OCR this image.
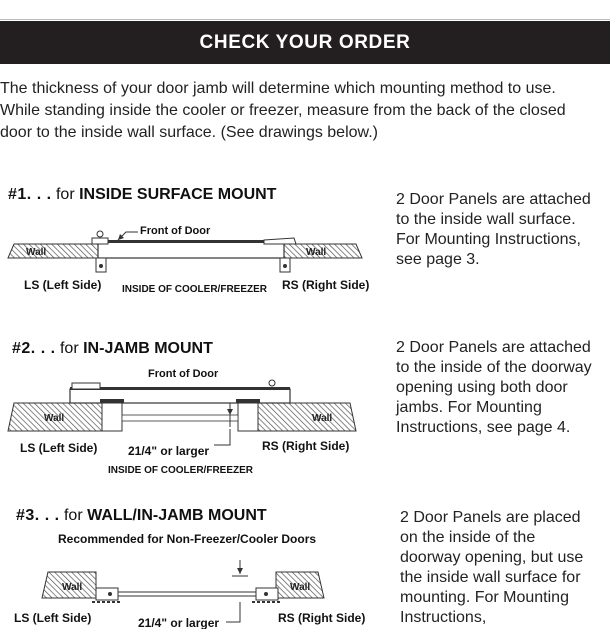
CHECK YOUR ORDER

The thickness of your door jamb will determine which mounting method to use. While standing inside the cooler or freezer, measure from the back of the closed door to the inside wall surface. (See drawings below.)

#1. . . for INSIDE SURFACE MOUNT	2 Door Panels are attached to the inside wall surface. For Mounting Instructions, see page 3.

Wall	Wall
Front of Door
LS (Left Side) INSIDE OF COOLER/FREEZER RS (Right Side)
#2. . . for IN-JAMB MOUNT	2 Door Panels are attached to the inside of the doorway opening using both door jambs. For Mounting Instructions, see page 4.

Wall	Wall
Front of Door
LS (Left Side)	21/4" or larger	RS (Right Side)
INSIDE OF COOLER/FREEZER
#3. . . for WALL/IN-JAMB MOUNT	2 Door Panels are placed on the inside of the doorway opening, but use the inside wall surface for mounting. For Mounting Instructions,

Recommended for Non-Freezer/Cooler Doors
Wall	Wall
LS (Left Side)	21/4" or larger	RS (Right Side)
